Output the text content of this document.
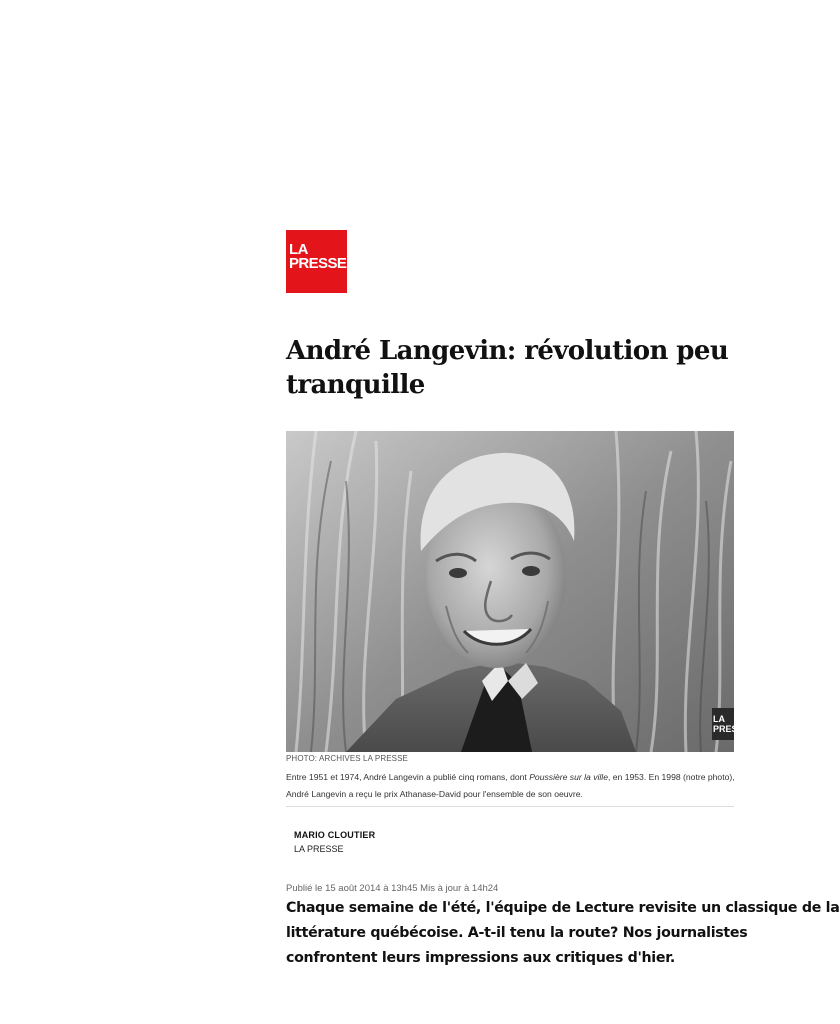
LA
PRESSE
André Langevin: révolution peu tranquille
LA
PRESSE
PHOTO: ARCHIVES LA PRESSE
Entre 1951 et 1974, André Langevin a publié cinq romans, dont Poussière sur la ville, en 1953. En 1998 (notre photo),
André Langevin a reçu le prix Athanase-David pour l'ensemble de son oeuvre.
MARIO CLOUTIER
LA PRESSE
Publié le 15 août 2014 à 13h45 Mis à jour à 14h24
Chaque semaine de l'été, l'équipe de Lecture revisite un classique de la
littérature québécoise. A-t-il tenu la route? Nos journalistes
confrontent leurs impressions aux critiques d'hier.
